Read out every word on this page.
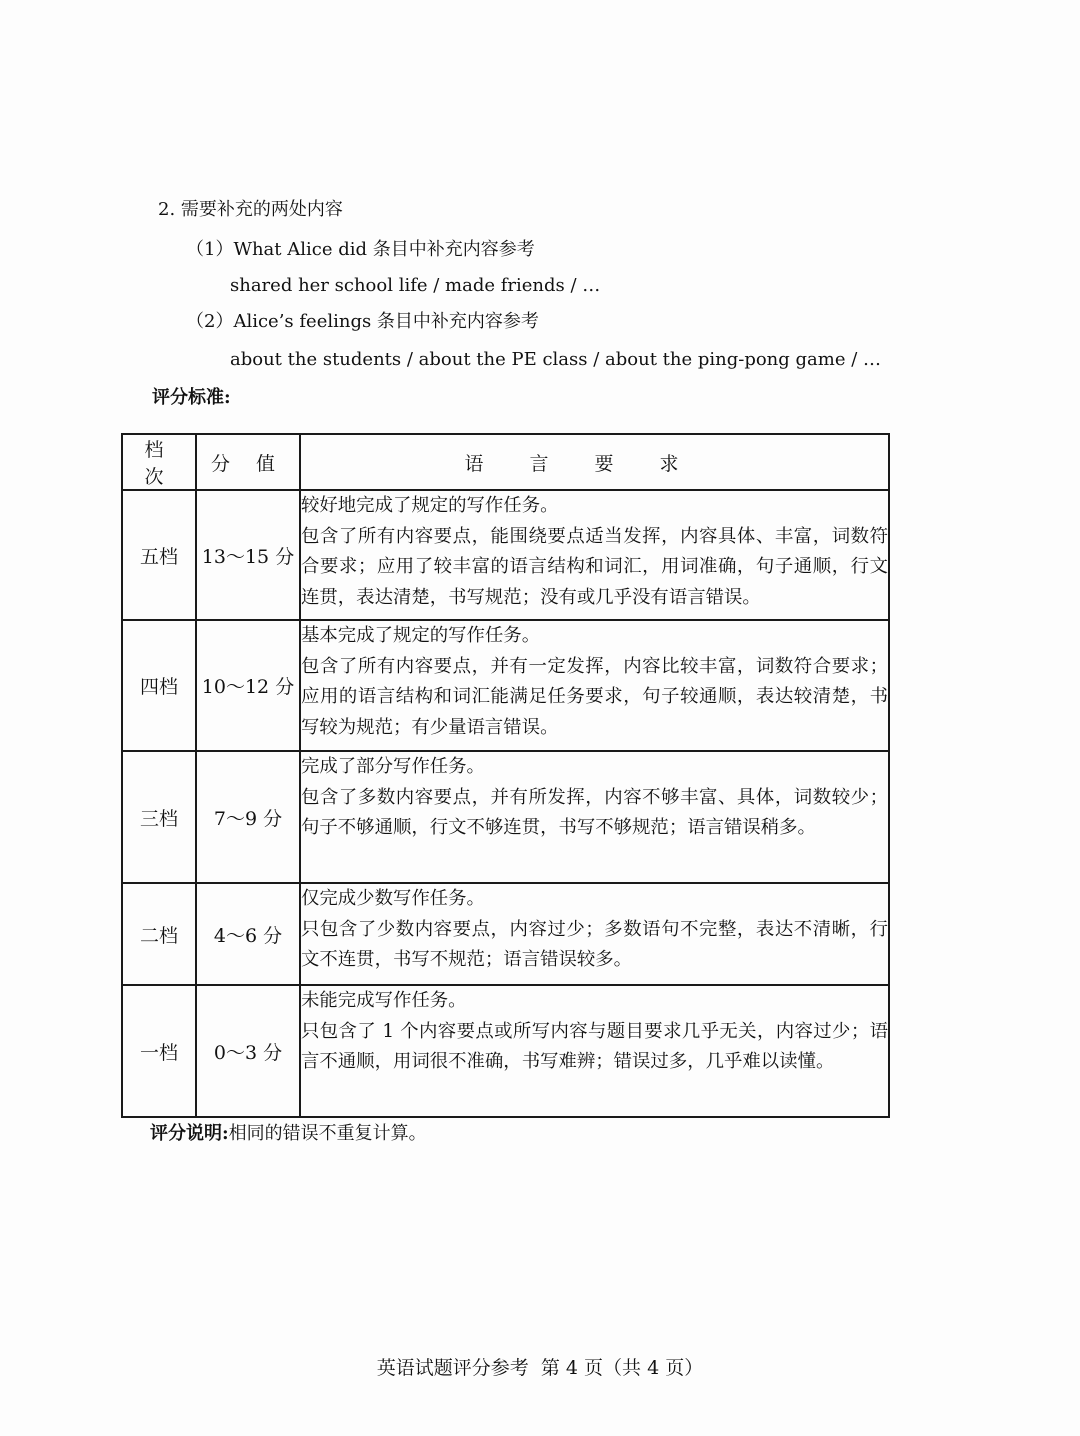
2. 需要补充的两处内容
（1）What Alice did 条目中补充内容参考
shared her school life / made friends / …
（2）Alice’s feelings 条目中补充内容参考
about the students / about the PE class / about the ping-pong game / …
评分标准:
档 次	分 值	语言要求
五档	13～15 分	较好地完成了规定的写作任务。
包含了所有内容要点，能围绕要点适当发挥，内容具体、丰富，词数符合要求；应用了较丰富的语言结构和词汇，用词准确，句子通顺，行文连贯，表达清楚，书写规范；没有或几乎没有语言错误。

四档	10～12 分	基本完成了规定的写作任务。
包含了所有内容要点，并有一定发挥，内容比较丰富，词数符合要求；应用的语言结构和词汇能满足任务要求，句子较通顺，表达较清楚，书写较为规范；有少量语言错误。

三档	7～9 分	完成了部分写作任务。
包含了多数内容要点，并有所发挥，内容不够丰富、具体，词数较少；句子不够通顺，行文不够连贯，书写不够规范；语言错误稍多。

二档	4～6 分	仅完成少数写作任务。
只包含了少数内容要点，内容过少；多数语句不完整，表达不清晰，行文不连贯，书写不规范；语言错误较多。

一档	0～3 分	未能完成写作任务。
只包含了 1 个内容要点或所写内容与题目要求几乎无关，内容过少；语言不通顺，用词很不准确，书写难辨；错误过多，几乎难以读懂。
评分说明:相同的错误不重复计算。
英语试题评分参考  第 4 页（共 4 页）
